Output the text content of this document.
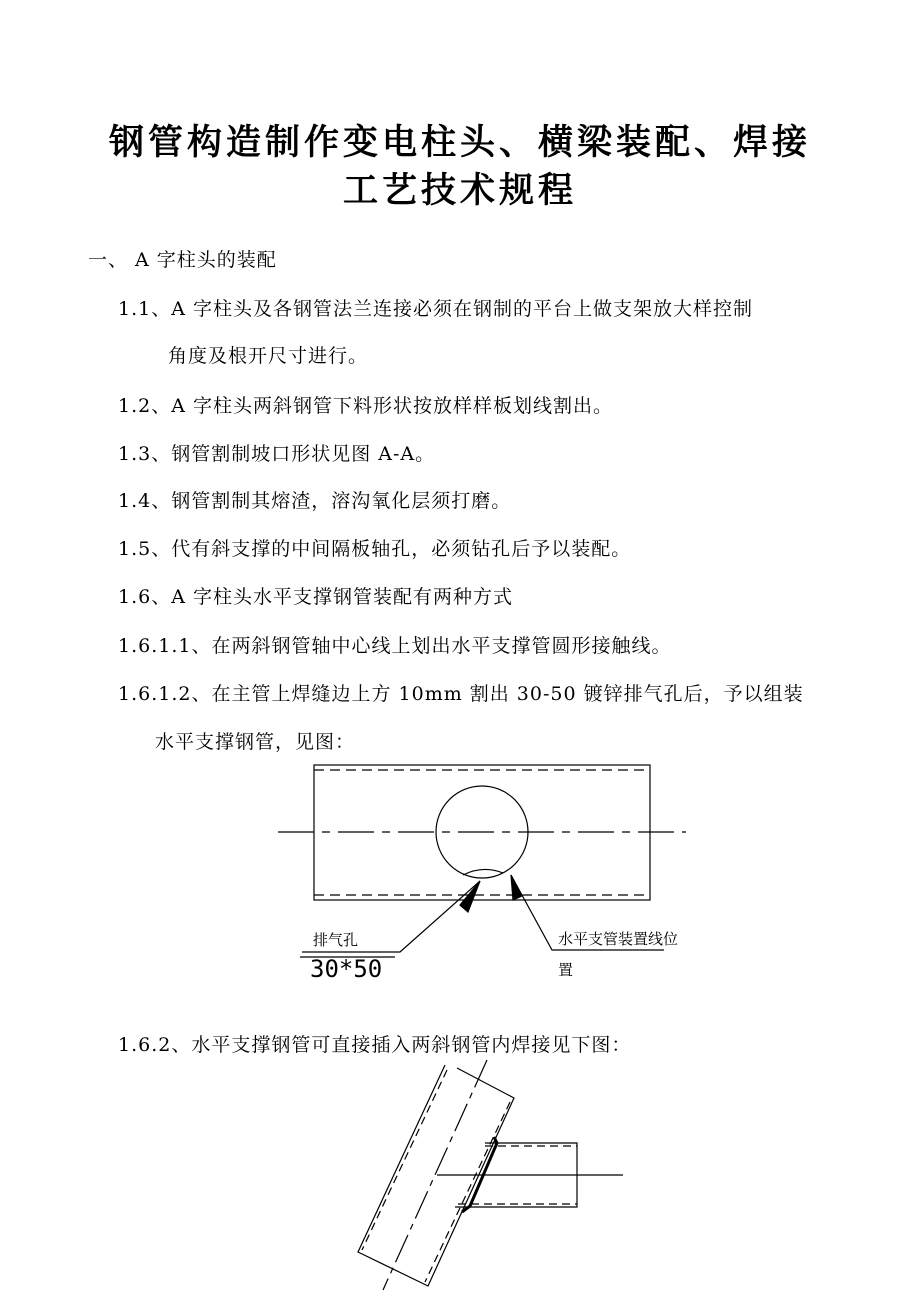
钢管构造制作变电柱头、横梁装配、焊接
工艺技术规程
一、 A 字柱头的装配
1.1、A 字柱头及各钢管法兰连接必须在钢制的平台上做支架放大样控制
角度及根开尺寸进行。
1.2、A 字柱头两斜钢管下料形状按放样样板划线割出。
1.3、钢管割制坡口形状见图 A-A。
1.4、钢管割制其熔渣，溶沟氧化层须打磨。
1.5、代有斜支撑的中间隔板轴孔，必须钻孔后予以装配。
1.6、A 字柱头水平支撑钢管装配有两种方式
1.6.1.1、在两斜钢管轴中心线上划出水平支撑管圆形接触线。
1.6.1.2、在主管上焊缝边上方 10mm 割出 30-50 镀锌排气孔后，予以组装
水平支撑钢管，见图：
1.6.2、水平支撑钢管可直接插入两斜钢管内焊接见下图：
排气孔
30*50
水平支管装置线位
置
